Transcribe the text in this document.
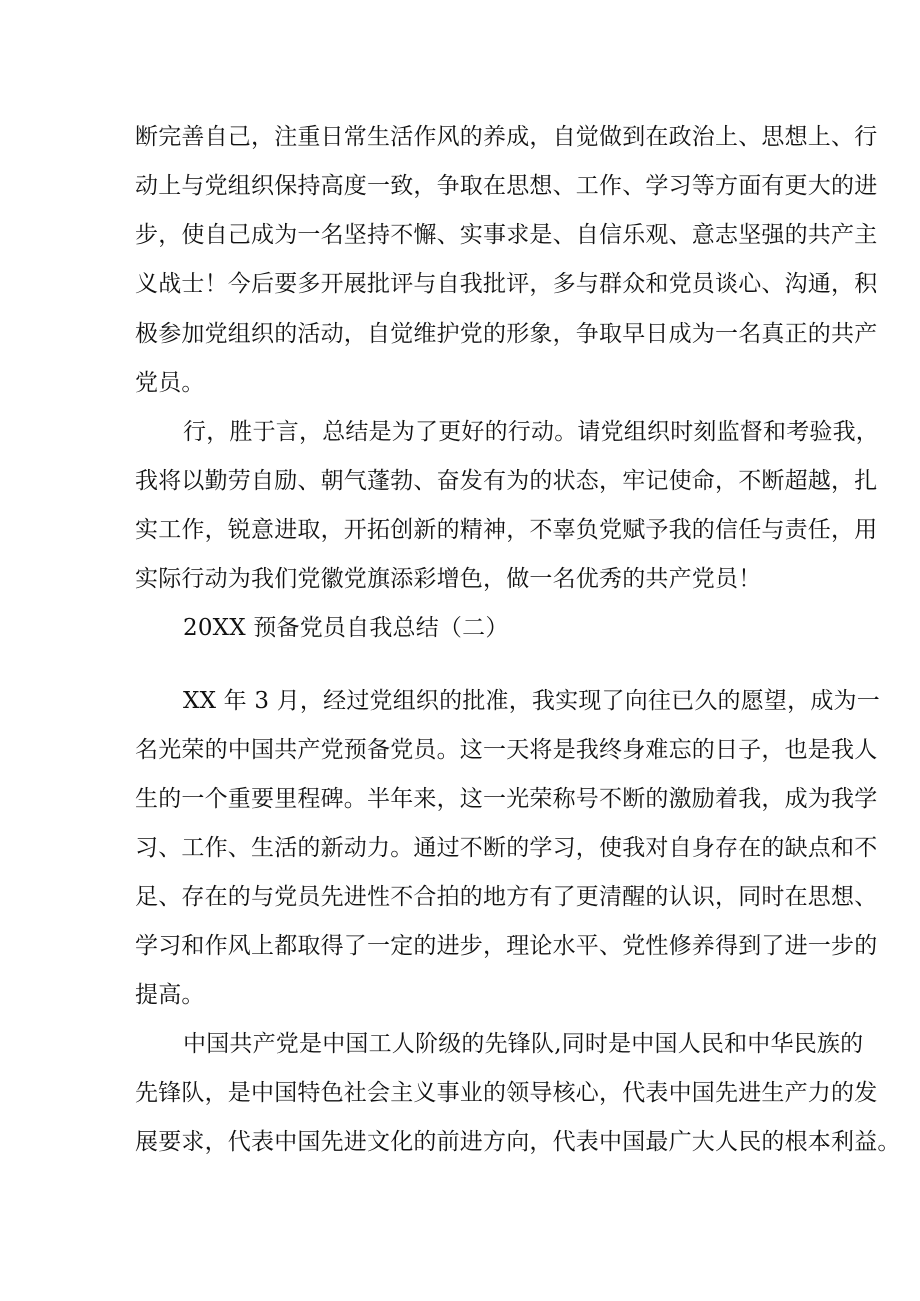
断完善自己，注重日常生活作风的养成，自觉做到在政治上、思想上、行

动上与党组织保持高度一致，争取在思想、工作、学习等方面有更大的进

步，使自己成为一名坚持不懈、实事求是、自信乐观、意志坚强的共产主

义战士！今后要多开展批评与自我批评，多与群众和党员谈心、沟通，积

极参加党组织的活动，自觉维护党的形象，争取早日成为一名真正的共产

党员。

行，胜于言，总结是为了更好的行动。请党组织时刻监督和考验我，

我将以勤劳自励、朝气蓬勃、奋发有为的状态，牢记使命，不断超越，扎

实工作，锐意进取，开拓创新的精神，不辜负党赋予我的信任与责任，用

实际行动为我们党徽党旗添彩增色，做一名优秀的共产党员！

20XX 预备党员自我总结（二）

XX 年 3 月，经过党组织的批准，我实现了向往已久的愿望，成为一

名光荣的中国共产党预备党员。这一天将是我终身难忘的日子，也是我人

生的一个重要里程碑。半年来，这一光荣称号不断的激励着我，成为我学

习、工作、生活的新动力。通过不断的学习，使我对自身存在的缺点和不

足、存在的与党员先进性不合拍的地方有了更清醒的认识，同时在思想、

学习和作风上都取得了一定的进步，理论水平、党性修养得到了进一步的

提高。

中国共产党是中国工人阶级的先锋队,同时是中国人民和中华民族的

先锋队，是中国特色社会主义事业的领导核心，代表中国先进生产力的发

展要求，代表中国先进文化的前进方向，代表中国最广大人民的根本利益。
